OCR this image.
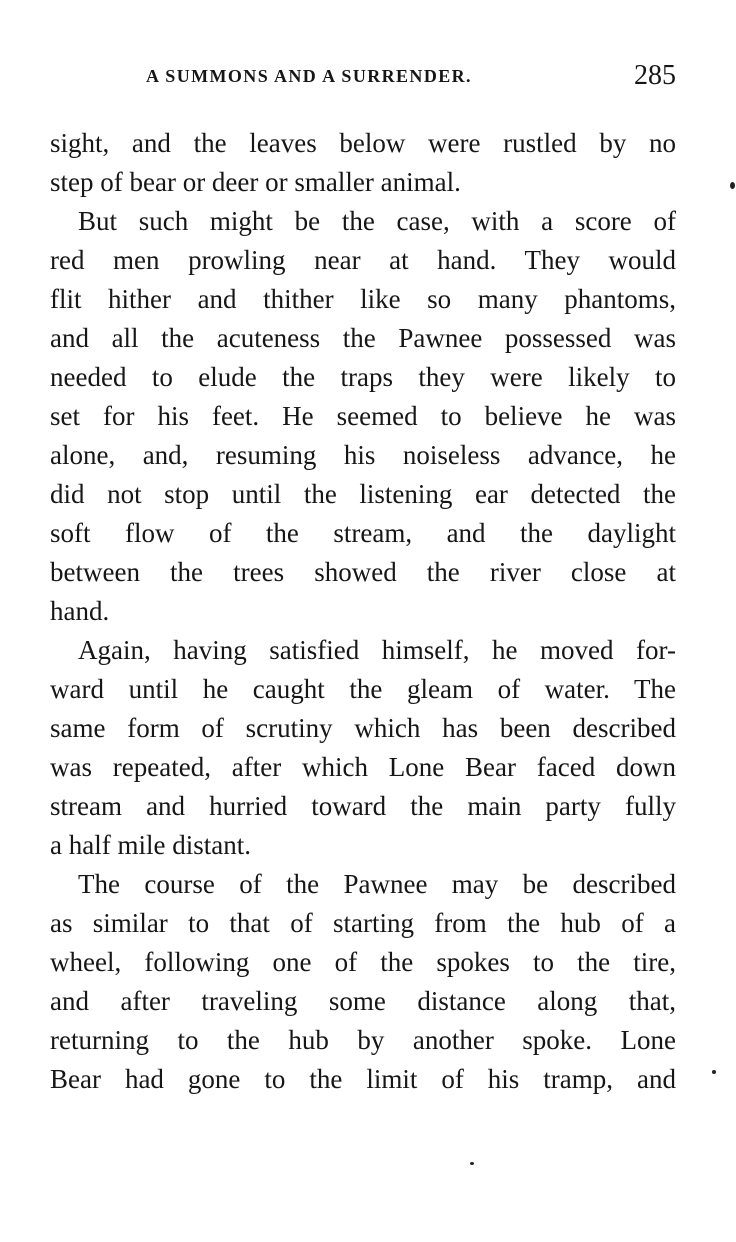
A SUMMONS AND A SURRENDER.	285
sight, and the leaves below were rustled by no
step of bear or deer or smaller animal.
But such might be the case, with a score of
red men prowling near at hand. They would
flit hither and thither like so many phantoms,
and all the acuteness the Pawnee possessed was
needed to elude the traps they were likely to
set for his feet. He seemed to believe he was
alone, and, resuming his noiseless advance, he
did not stop until the listening ear detected the
soft flow of the stream, and the daylight
between the trees showed the river close at
hand.
Again, having satisfied himself, he moved for-
ward until he caught the gleam of water. The
same form of scrutiny which has been described
was repeated, after which Lone Bear faced down
stream and hurried toward the main party fully
a half mile distant.
The course of the Pawnee may be described
as similar to that of starting from the hub of a
wheel, following one of the spokes to the tire,
and after traveling some distance along that,
returning to the hub by another spoke. Lone
Bear had gone to the limit of his tramp, and
